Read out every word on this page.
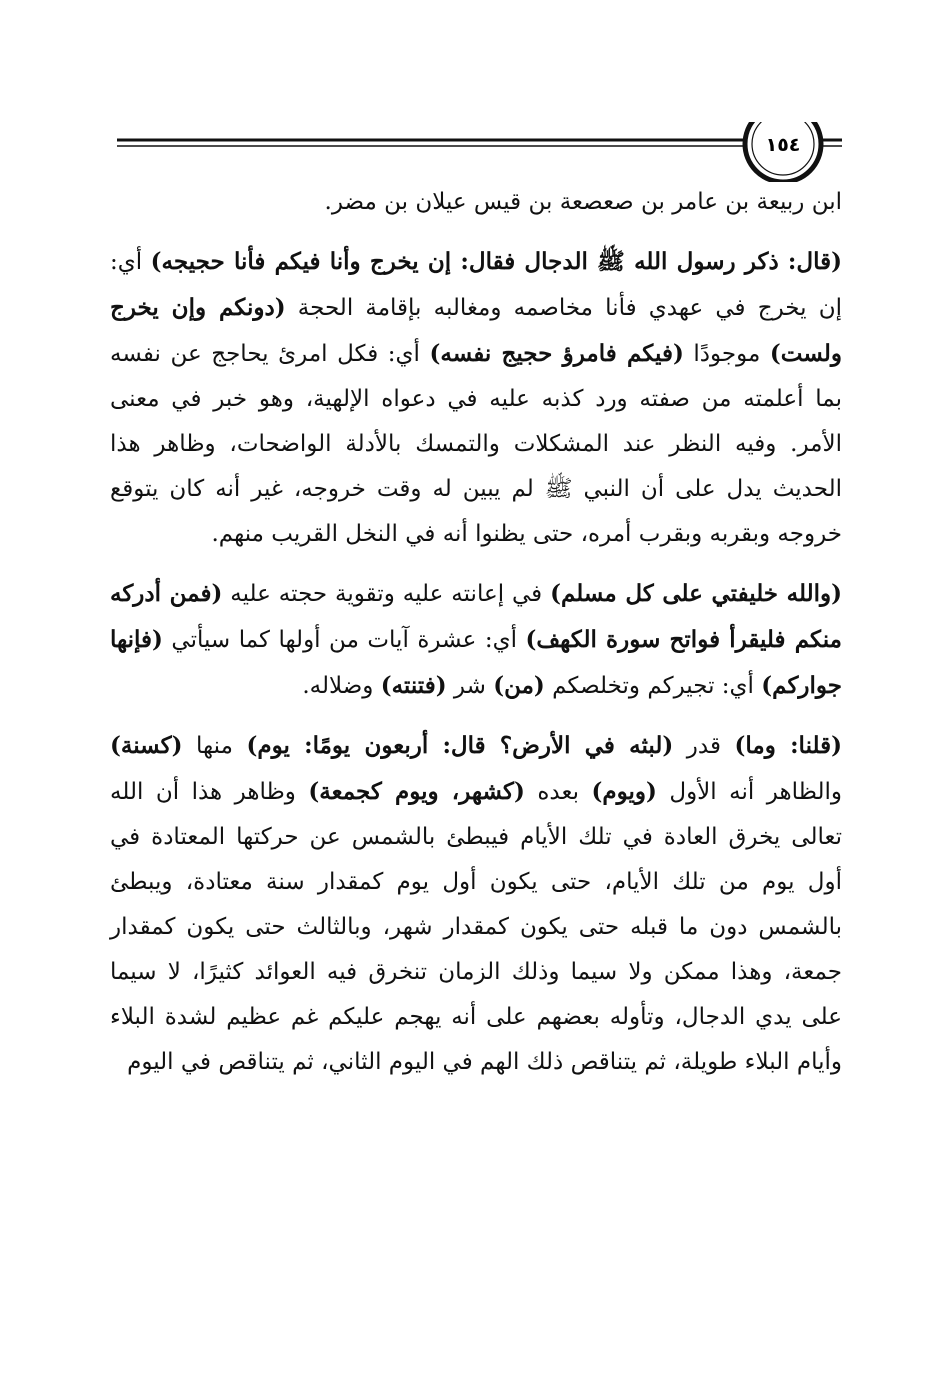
١٥٤

ابن ربيعة بن عامر بن صعصعة بن قيس عيلان بن مضر.

(قال: ذكر رسول الله ﷺ الدجال فقال: إن يخرج وأنا فيكم فأنا حجيجه) أي: إن يخرج في عهدي فأنا مخاصمه ومغالبه بإقامة الحجة (دونكم وإن يخرج ولست) موجودًا (فيكم فامرؤ حجيج نفسه) أي: فكل امرئ يحاجج عن نفسه بما أعلمته من صفته ورد كذبه عليه في دعواه الإلهية، وهو خبر في معنى الأمر. وفيه النظر عند المشكلات والتمسك بالأدلة الواضحات، وظاهر هذا الحديث يدل على أن النبي ﷺ لم يبين له وقت خروجه، غير أنه كان يتوقع خروجه وبقربه وبقرب أمره، حتى يظنوا أنه في النخل القريب منهم.

(والله خليفتي على كل مسلم) في إعانته عليه وتقوية حجته عليه (فمن أدركه منكم فليقرأ فواتح سورة الكهف) أي: عشرة آيات من أولها كما سيأتي (فإنها جواركم) أي: تجيركم وتخلصكم (من) شر (فتنته) وضلاله.

(قلنا: وما) قدر (لبثه في الأرض؟ قال: أربعون يومًا: يوم) منها (كسنة) والظاهر أنه الأول (ويوم) بعده (كشهر، ويوم كجمعة) وظاهر هذا أن الله تعالى يخرق العادة في تلك الأيام فيبطئ بالشمس عن حركتها المعتادة في أول يوم من تلك الأيام، حتى يكون أول يوم كمقدار سنة معتادة، ويبطئ بالشمس دون ما قبله حتى يكون كمقدار شهر، وبالثالث حتى يكون كمقدار جمعة، وهذا ممكن ولا سيما وذلك الزمان تنخرق فيه العوائد كثيرًا، لا سيما على يدي الدجال، وتأوله بعضهم على أنه يهجم عليكم غم عظيم لشدة البلاء وأيام البلاء طويلة، ثم يتناقص ذلك الهم في اليوم الثاني، ثم يتناقص في اليوم
